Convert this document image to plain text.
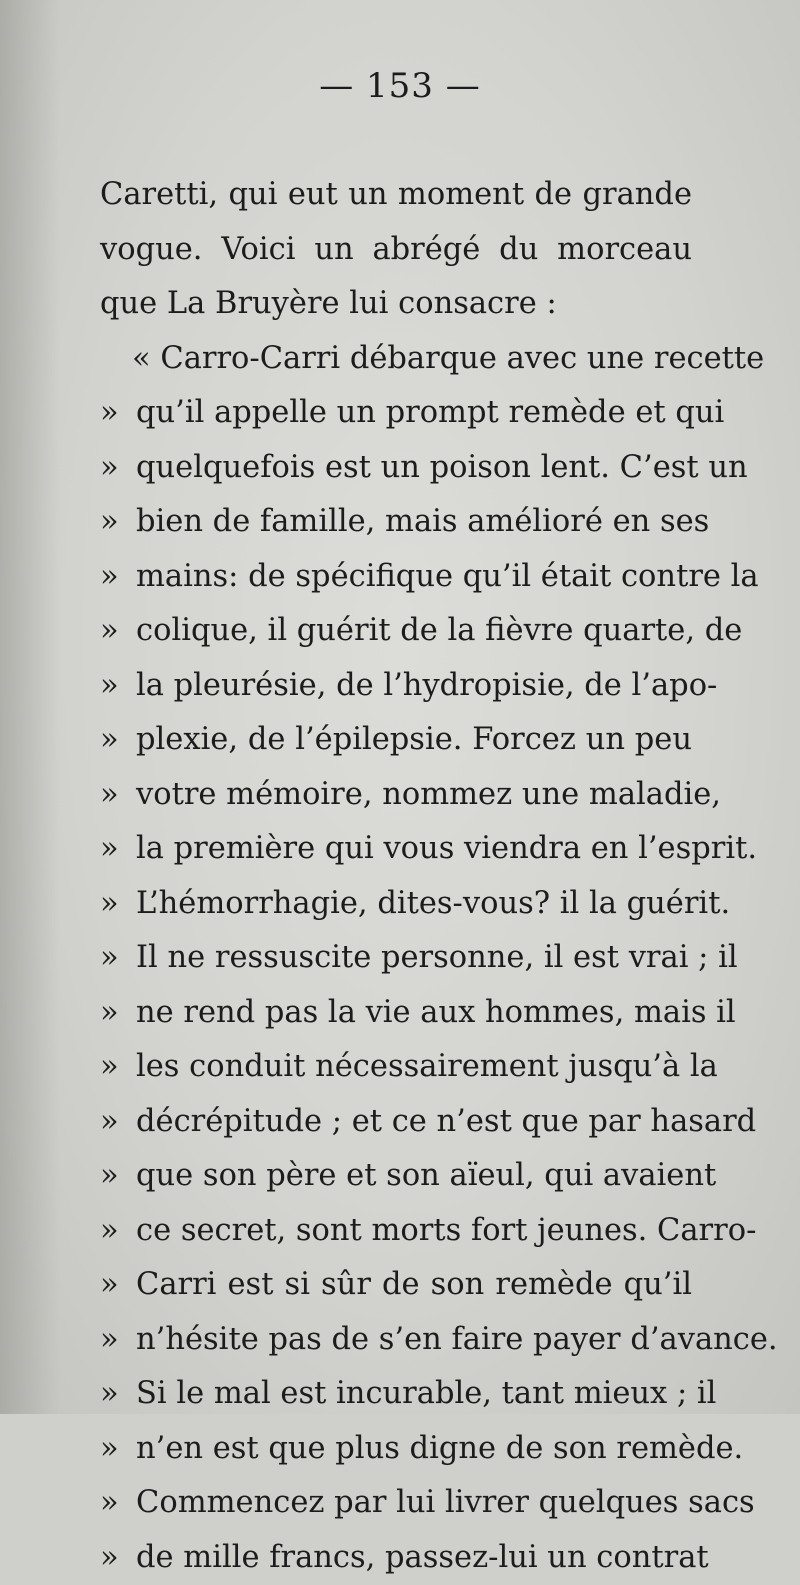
— 153 —
Caretti, qui eut un moment de grande
vogue. Voici un abrégé du morceau
que La Bruyère lui consacre :
« Carro-Carri débarque avec une recette
» qu’il appelle un prompt remède et qui
» quelquefois est un poison lent. C’est un
» bien de famille, mais amélioré en ses
» mains: de spécifique qu’il était contre la
» colique, il guérit de la fièvre quarte, de
» la pleurésie, de l’hydropisie, de l’apo-
» plexie, de l’épilepsie. Forcez un peu
» votre mémoire, nommez une maladie,
» la première qui vous viendra en l’esprit.
» L’hémorrhagie, dites-vous? il la guérit.
» Il ne ressuscite personne, il est vrai ; il
» ne rend pas la vie aux hommes, mais il
» les conduit nécessairement jusqu’à la
» décrépitude ; et ce n’est que par hasard
» que son père et son aïeul, qui avaient
» ce secret, sont morts fort jeunes. Carro-
» Carri est si sûr de son remède qu’il
» n’hésite pas de s’en faire payer d’avance.
» Si le mal est incurable, tant mieux ; il
» n’en est que plus digne de son remède.
» Commencez par lui livrer quelques sacs
» de mille francs, passez-lui un contrat
